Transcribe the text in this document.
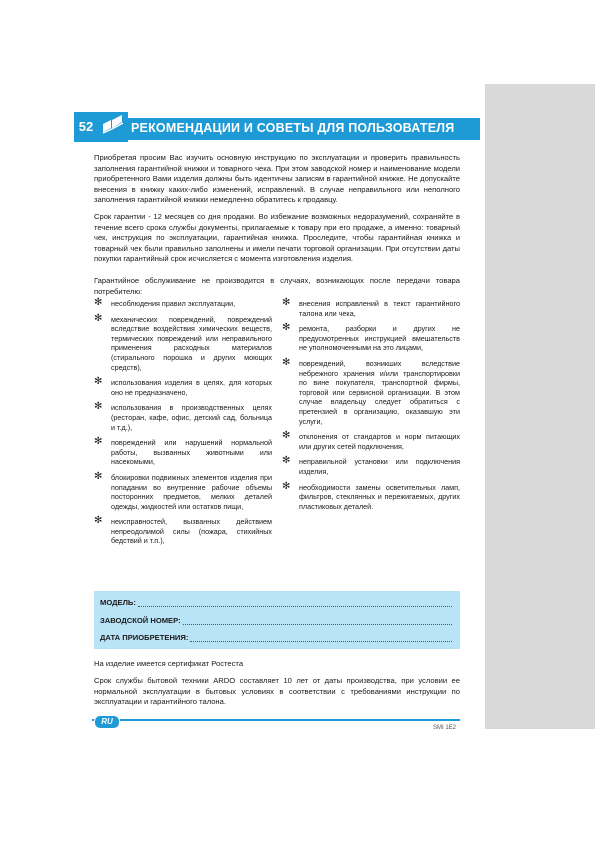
52	РЕКОМЕНДАЦИИ И СОВЕТЫ ДЛЯ ПОЛЬЗОВАТЕЛЯ

Приобретая просим Вас изучить основную инструкцию по эксплуатации и проверить правильность заполнения гарантийной книжки и товарного чека. При этом заводской номер и наименование модели приобретенного Вами изделия должны быть идентичны записям в гарантийной книжке. Не допускайте внесения в книжку каких-либо изменений, исправлений. В случае неправильного или неполного заполнения гарантийной книжки немедленно обратитесь к продавцу.

Срок гарантии - 12 месяцев со дня продажи. Во избежание возможных недоразумений, сохраняйте в течение всего срока службы документы, прилагаемые к товару при его продаже, а именно: товарный чек, инструкция по эксплуатации, гарантийная книжка. Проследите, чтобы гарантийная книжка и товарный чек были правильно заполнены и имели печати торговой организации. При отсутствии даты покупки гарантийный срок исчисляется с момента изготовления изделия.

Гарантийное обслуживание не производится в случаях, возникающих после передачи товара потребителю:

✻ несоблюдения правил эксплуатации,
✻ механических повреждений, повреждений вследствие воздействия химических веществ, термических повреждений или неправильного применения расходных материалов (стирального порошка и других моющих средств),
✻ использования изделия в целях, для которых оно не предназначено,
✻ использования в производственных целях (ресторан, кафе, офис, детский сад, больница и т.д.),
✻ повреждений или нарушений нормальной работы, вызванных животными или насекомыми,
✻ блокировки подвижных элементов изделия при попадании во внутренние рабочие объемы посторонних предметов, мелких деталей одежды, жидкостей или остатков пищи,
✻ неисправностей, вызванных действием непреодолимой силы (пожара, стихийных бедствий и т.п.),
✻ внесения исправлений в текст гарантийного талона или чека,
✻ ремонта, разборки и других не предусмотренных инструкцией вмешательств не уполномоченными на это лицами,
✻ повреждений, возникших вследствие небрежного хранения и/или транспортировки по вине покупателя, транспортной фирмы, торговой или сервисной организации. В этом случае владельцу следует обратиться с претензией в организацию, оказавшую эти услуги,
✻ отклонения от стандартов и норм питающих или других сетей подключения,
✻ неправильной установки или подключения изделия,
✻ необходимости замены осветительных ламп, фильтров, стеклянных и пережигаемых, других пластиковых деталей.
МОДЕЛЬ:
ЗАВОДСКОЙ НОМЕР:
ДАТА ПРИОБРЕТЕНИЯ:
На изделие имеется сертификат Ростеста

Срок службы бытовой техники ARDO составляет 10 лет от даты производства, при условии ее нормальной эксплуатации в бытовых условиях в соответствии с требованиями инструкции по эксплуатации и гарантийного талона.

RU
SMI 1E2
